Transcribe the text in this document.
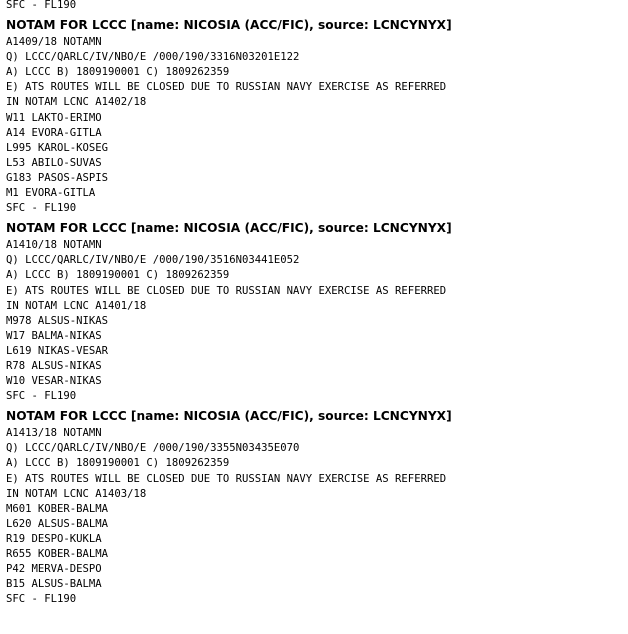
SFC - FL190
NOTAM FOR LCCC [name: NICOSIA (ACC/FIC), source: LCNCYNYX]
A1409/18 NOTAMN
Q) LCCC/QARLC/IV/NBO/E /000/190/3316N03201E122
A) LCCC B) 1809190001 C) 1809262359
E) ATS ROUTES WILL BE CLOSED DUE TO RUSSIAN NAVY EXERCISE AS REFERRED
IN NOTAM LCNC A1402/18
W11 LAKTO-ERIMO
A14 EVORA-GITLA
L995 KAROL-KOSEG
L53 ABILO-SUVAS
G183 PASOS-ASPIS
M1 EVORA-GITLA
SFC - FL190
NOTAM FOR LCCC [name: NICOSIA (ACC/FIC), source: LCNCYNYX]
A1410/18 NOTAMN
Q) LCCC/QARLC/IV/NBO/E /000/190/3516N03441E052
A) LCCC B) 1809190001 C) 1809262359
E) ATS ROUTES WILL BE CLOSED DUE TO RUSSIAN NAVY EXERCISE AS REFERRED
IN NOTAM LCNC A1401/18
M978 ALSUS-NIKAS
W17 BALMA-NIKAS
L619 NIKAS-VESAR
R78 ALSUS-NIKAS
W10 VESAR-NIKAS
SFC - FL190
NOTAM FOR LCCC [name: NICOSIA (ACC/FIC), source: LCNCYNYX]
A1413/18 NOTAMN
Q) LCCC/QARLC/IV/NBO/E /000/190/3355N03435E070
A) LCCC B) 1809190001 C) 1809262359
E) ATS ROUTES WILL BE CLOSED DUE TO RUSSIAN NAVY EXERCISE AS REFERRED
IN NOTAM LCNC A1403/18
M601 KOBER-BALMA
L620 ALSUS-BALMA
R19 DESPO-KUKLA
R655 KOBER-BALMA
P42 MERVA-DESPO
B15 ALSUS-BALMA
SFC - FL190
